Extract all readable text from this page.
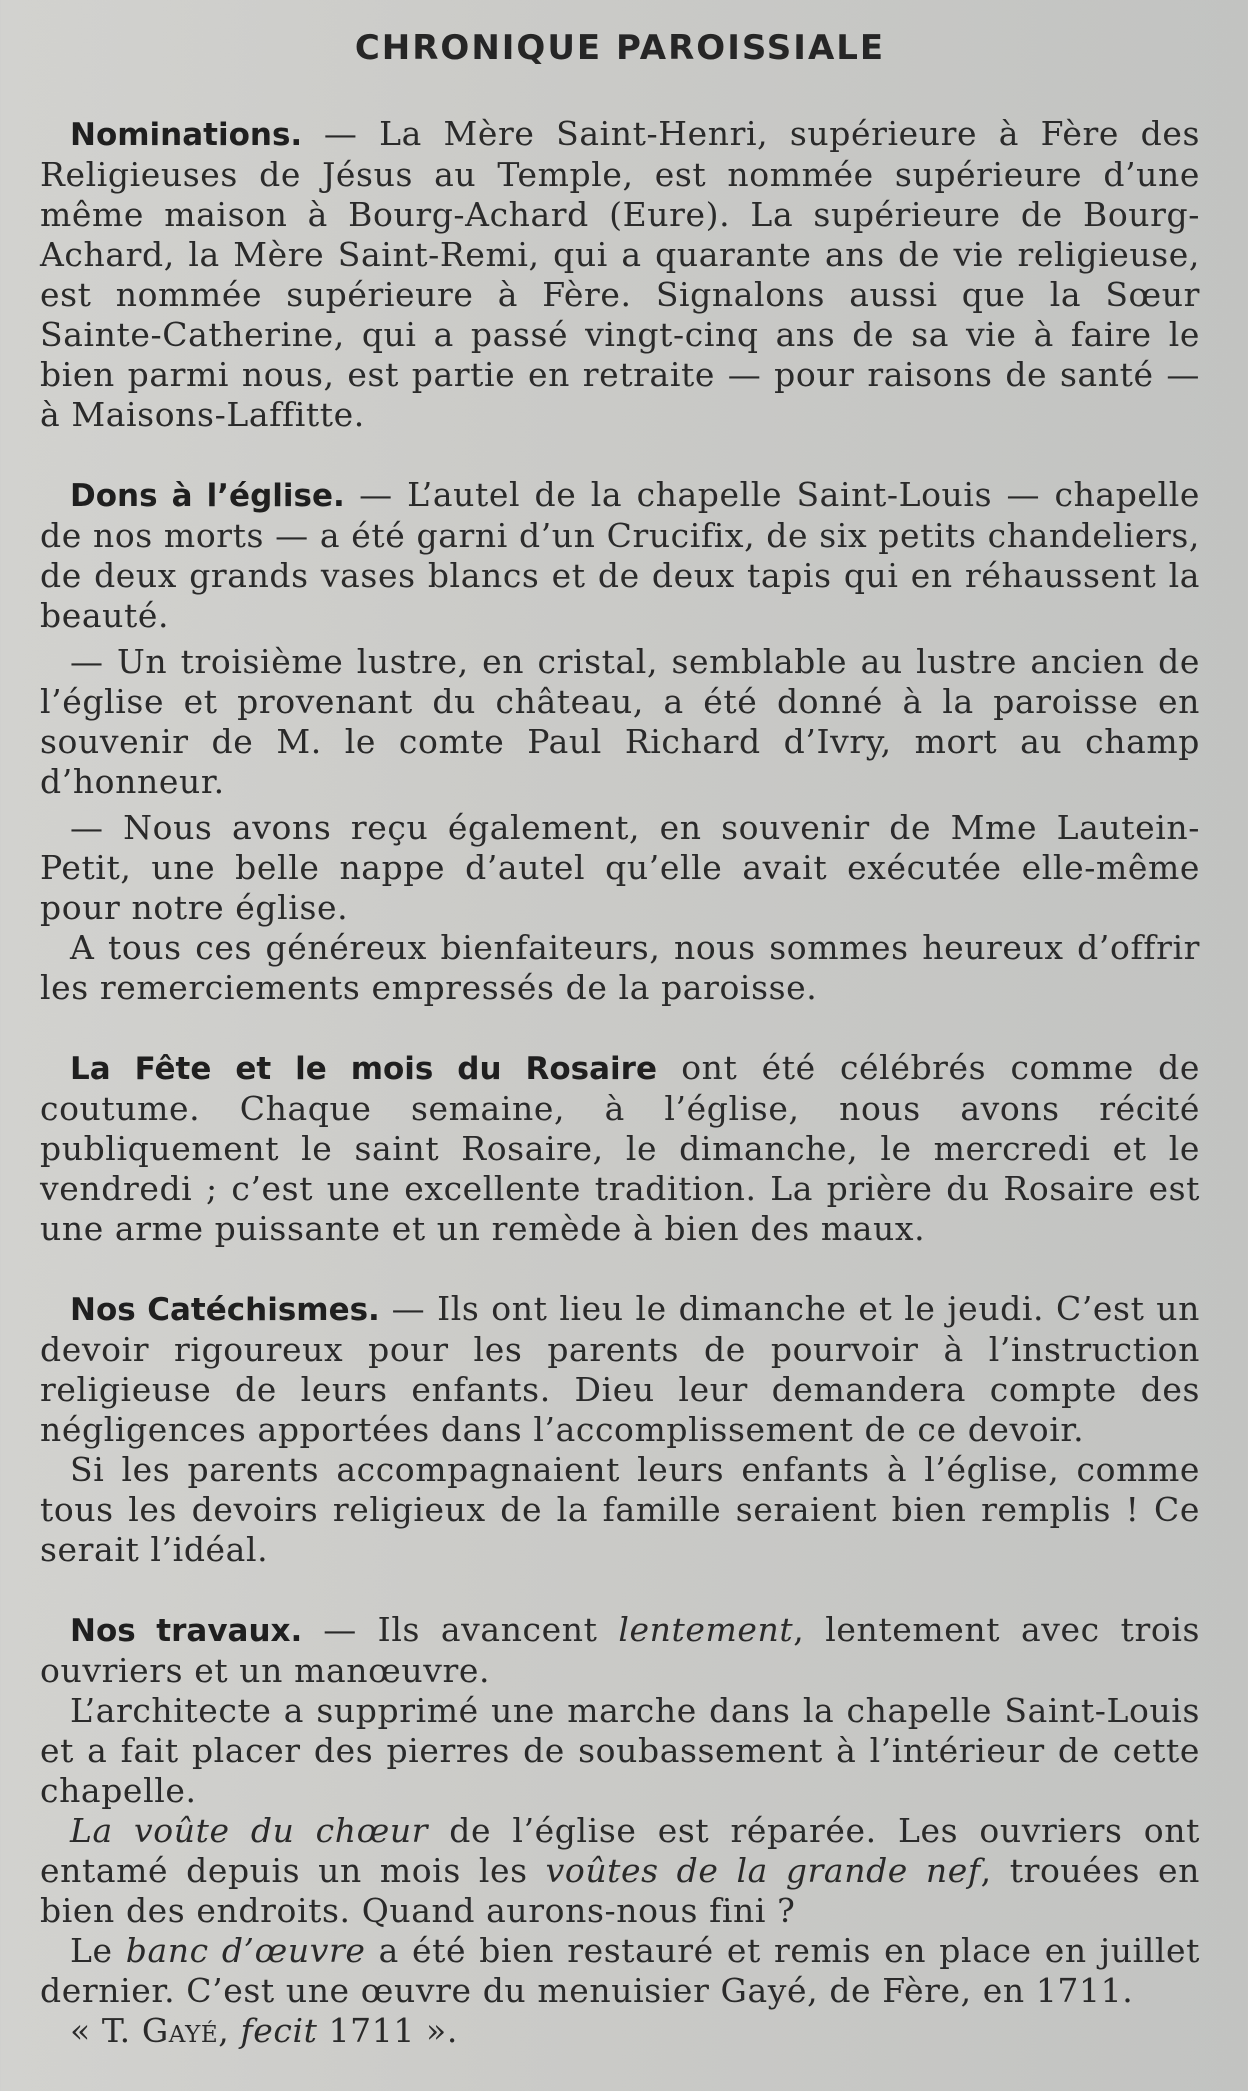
CHRONIQUE PAROISSIALE

Nominations. — La Mère Saint-Henri, supérieure à Fère des Religieuses de Jésus au Temple, est nommée supérieure d’une même maison à Bourg-Achard (Eure). La supérieure de Bourg-Achard, la Mère Saint-Remi, qui a quarante ans de vie religieuse, est nommée supérieure à Fère. Signalons aussi que la Sœur Sainte-Catherine, qui a passé vingt-cinq ans de sa vie à faire le bien parmi nous, est partie en retraite — pour raisons de santé — à Maisons-Laffitte.

Dons à l’église. — L’autel de la chapelle Saint-Louis — chapelle de nos morts — a été garni d’un Crucifix, de six petits chandeliers, de deux grands vases blancs et de deux tapis qui en réhaussent la beauté.

— Un troisième lustre, en cristal, semblable au lustre ancien de l’église et provenant du château, a été donné à la paroisse en souvenir de M. le comte Paul Richard d’Ivry, mort au champ d’honneur.

— Nous avons reçu également, en souvenir de Mme Lautein-Petit, une belle nappe d’autel qu’elle avait exécutée elle-même pour notre église.

A tous ces généreux bienfaiteurs, nous sommes heureux d’offrir les remerciements empressés de la paroisse.

La Fête et le mois du Rosaire ont été célébrés comme de coutume. Chaque semaine, à l’église, nous avons récité publiquement le saint Rosaire, le dimanche, le mercredi et le vendredi ; c’est une excellente tradition. La prière du Rosaire est une arme puissante et un remède à bien des maux.

Nos Catéchismes. — Ils ont lieu le dimanche et le jeudi. C’est un devoir rigoureux pour les parents de pourvoir à l’instruction religieuse de leurs enfants. Dieu leur demandera compte des négligences apportées dans l’accomplissement de ce devoir.

Si les parents accompagnaient leurs enfants à l’église, comme tous les devoirs religieux de la famille seraient bien remplis ! Ce serait l’idéal.

Nos travaux. — Ils avancent lentement, lentement avec trois ouvriers et un manœuvre.

L’architecte a supprimé une marche dans la chapelle Saint-Louis et a fait placer des pierres de soubassement à l’intérieur de cette chapelle.

La voûte du chœur de l’église est réparée. Les ouvriers ont entamé depuis un mois les voûtes de la grande nef, trouées en bien des endroits. Quand aurons-nous fini ?

Le banc d’œuvre a été bien restauré et remis en place en juillet dernier. C’est une œuvre du menuisier Gayé, de Fère, en 1711.

« T. Gayé, fecit 1711 ».
